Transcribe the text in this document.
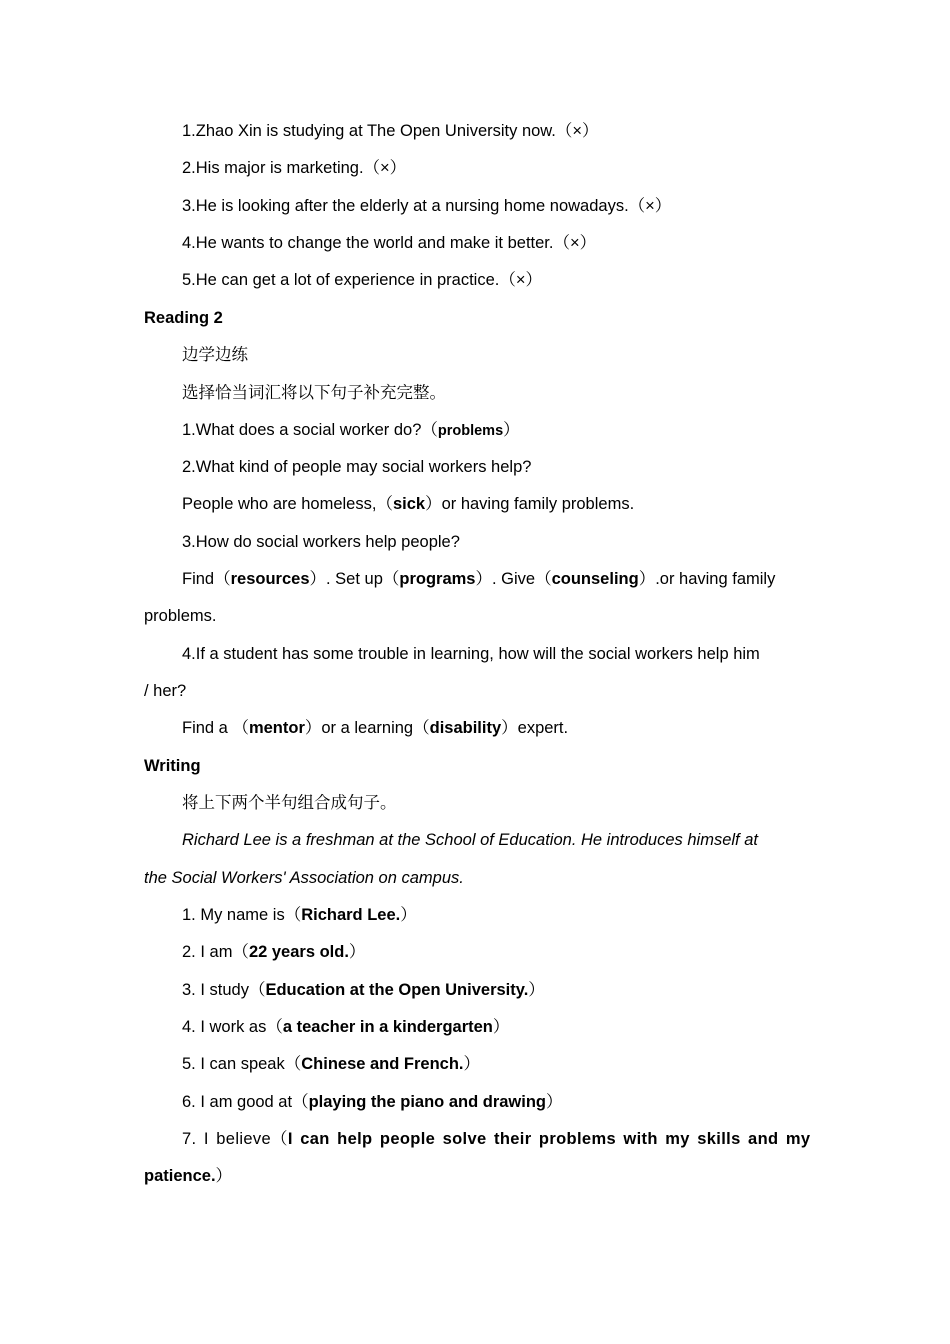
1.Zhao Xin is studying at The Open University now.（×）
2.His major is marketing.（×）
3.He is looking after the elderly at a nursing home nowadays.（×）
4.He wants to change the world and make it better.（×）
5.He can get a lot of experience in practice.（×）
Reading 2
边学边练
选择恰当词汇将以下句子补充完整。
1.What does a social worker do?（problems）
2.What kind of people may social workers help?
People who are homeless,（sick）or having family problems.
3.How do social workers help people?
Find（resources）. Set up（programs）. Give（counseling）.or having family
problems.
4.If a student has some trouble in learning, how will the social workers help him
/ her?
Find a （mentor）or a learning（disability）expert.
Writing
将上下两个半句组合成句子。
Richard Lee is a freshman at the School of Education. He introduces himself at
the Social Workers' Association on campus.
1. My name is（Richard Lee.）
2. I am（22 years old.）
3. I study（Education at the Open University.）
4. I work as（a teacher in a kindergarten）
5. I can speak（Chinese and French.）
6. I am good at（playing the piano and drawing）
7. I believe（I can help people solve their problems with my skills and my
patience.）
